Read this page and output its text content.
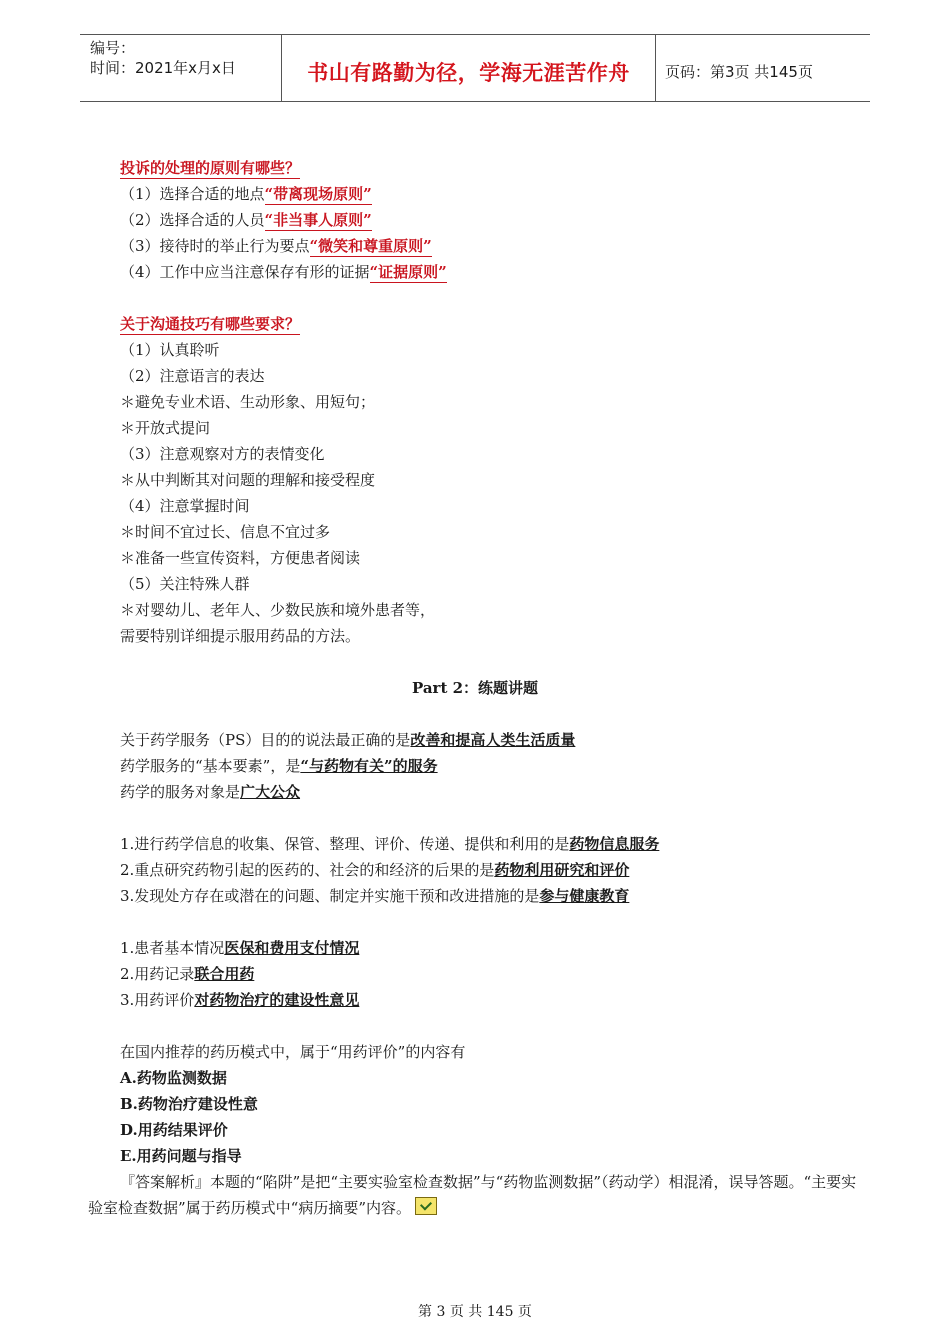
编号：
时间：2021年x月x日	书山有路勤为径，学海无涯苦作舟	页码：第3页 共145页
投诉的处理的原则有哪些？
（1）选择合适的地点“带离现场原则”
（2）选择合适的人员“非当事人原则”
（3）接待时的举止行为要点“微笑和尊重原则”
（4）工作中应当注意保存有形的证据“证据原则”
关于沟通技巧有哪些要求？
（1）认真聆听
（2）注意语言的表达
＊避免专业术语、生动形象、用短句；
＊开放式提问
（3）注意观察对方的表情变化
＊从中判断其对问题的理解和接受程度
（4）注意掌握时间
＊时间不宜过长、信息不宜过多
＊准备一些宣传资料，方便患者阅读
（5）关注特殊人群
＊对婴幼儿、老年人、少数民族和境外患者等，
需要特别详细提示服用药品的方法。
Part 2：练题讲题
关于药学服务（PS）目的的说法最正确的是改善和提高人类生活质量
药学服务的“基本要素”，是“与药物有关”的服务
药学的服务对象是广大公众
1.进行药学信息的收集、保管、整理、评价、传递、提供和利用的是药物信息服务
2.重点研究药物引起的医药的、社会的和经济的后果的是药物利用研究和评价
3.发现处方存在或潜在的问题、制定并实施干预和改进措施的是参与健康教育
1.患者基本情况医保和费用支付情况
2.用药记录联合用药
3.用药评价对药物治疗的建设性意见
在国内推荐的药历模式中，属于“用药评价”的内容有
A.药物监测数据
B.药物治疗建设性意
D.用药结果评价
E.用药问题与指导
『答案解析』本题的“陷阱”是把“主要实验室检查数据”与“药物监测数据”（药动学）相混淆，误导答题。“主要实验室检查数据”属于药历模式中“病历摘要”内容。
第 3 页 共 145 页
